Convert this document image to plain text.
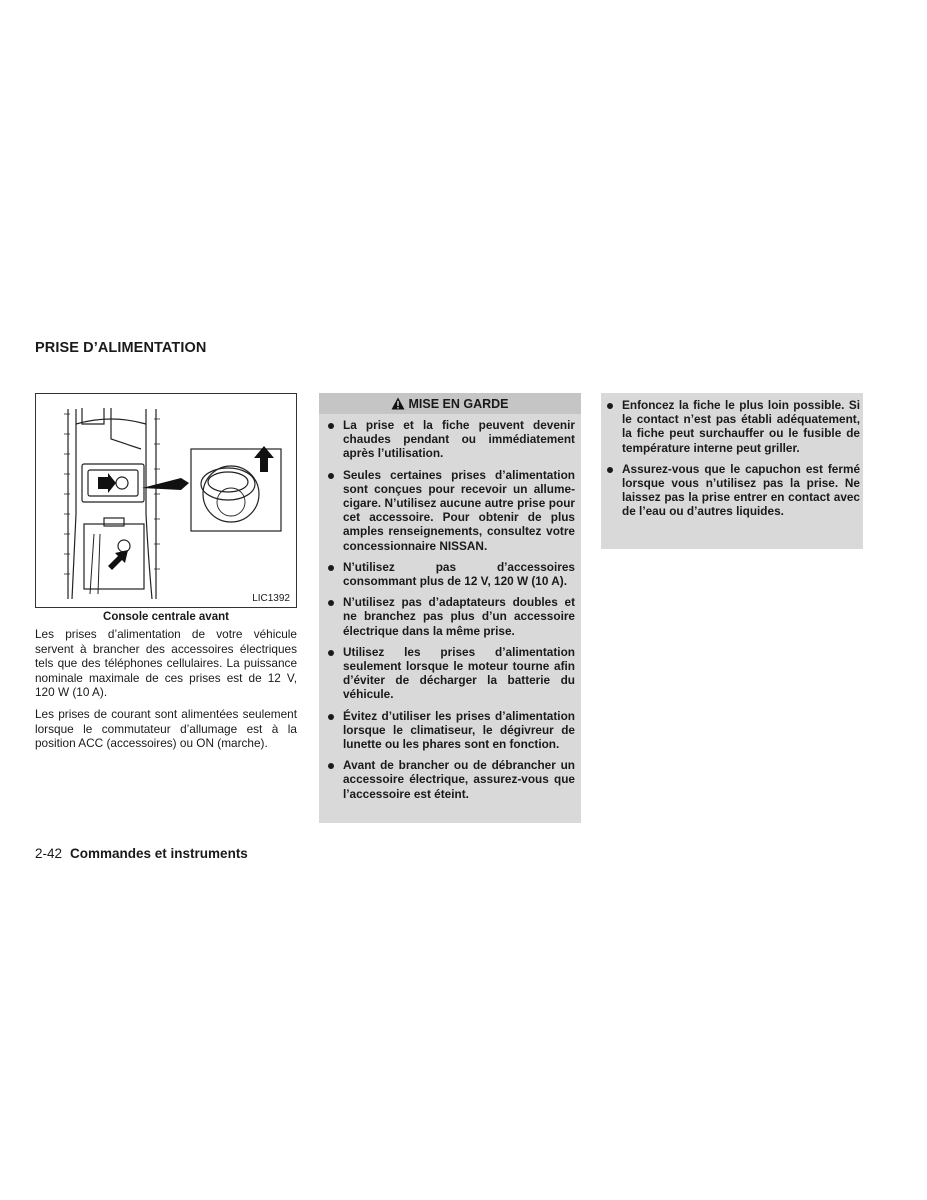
PRISE D’ALIMENTATION
LIC1392
Console centrale avant

Les prises d’alimentation de votre véhicule servent à brancher des accessoires électriques tels que des téléphones cellulaires. La puissance nominale maximale de ces prises est de 12 V, 120 W (10 A).

Les prises de courant sont alimentées seulement lorsque le commutateur d’allumage est à la position ACC (accessoires) ou ON (marche).

MISE EN GARDE
La prise et la fiche peuvent devenir chaudes pendant ou immédiatement après l’utilisation.
Seules certaines prises d’alimentation sont conçues pour recevoir un allume-cigare. N’utilisez aucune autre prise pour cet accessoire. Pour obtenir de plus amples renseignements, consultez votre concessionnaire NISSAN.
N’utilisez pas d’accessoires consommant plus de 12 V, 120 W (10 A).
N’utilisez pas d’adaptateurs doubles et ne branchez pas plus d’un accessoire électrique dans la même prise.
Utilisez les prises d’alimentation seulement lorsque le moteur tourne afin d’éviter de décharger la batterie du véhicule.
Évitez d’utiliser les prises d’alimentation lorsque le climatiseur, le dégivreur de lunette ou les phares sont en fonction.
Avant de brancher ou de débrancher un accessoire électrique, assurez-vous que l’accessoire est éteint.
Enfoncez la fiche le plus loin possible. Si le contact n’est pas établi adéquatement, la fiche peut surchauffer ou le fusible de température interne peut griller.
Assurez-vous que le capuchon est fermé lorsque vous n’utilisez pas la prise. Ne laissez pas la prise entrer en contact avec de l’eau ou d’autres liquides.
2-42 Commandes et instruments
